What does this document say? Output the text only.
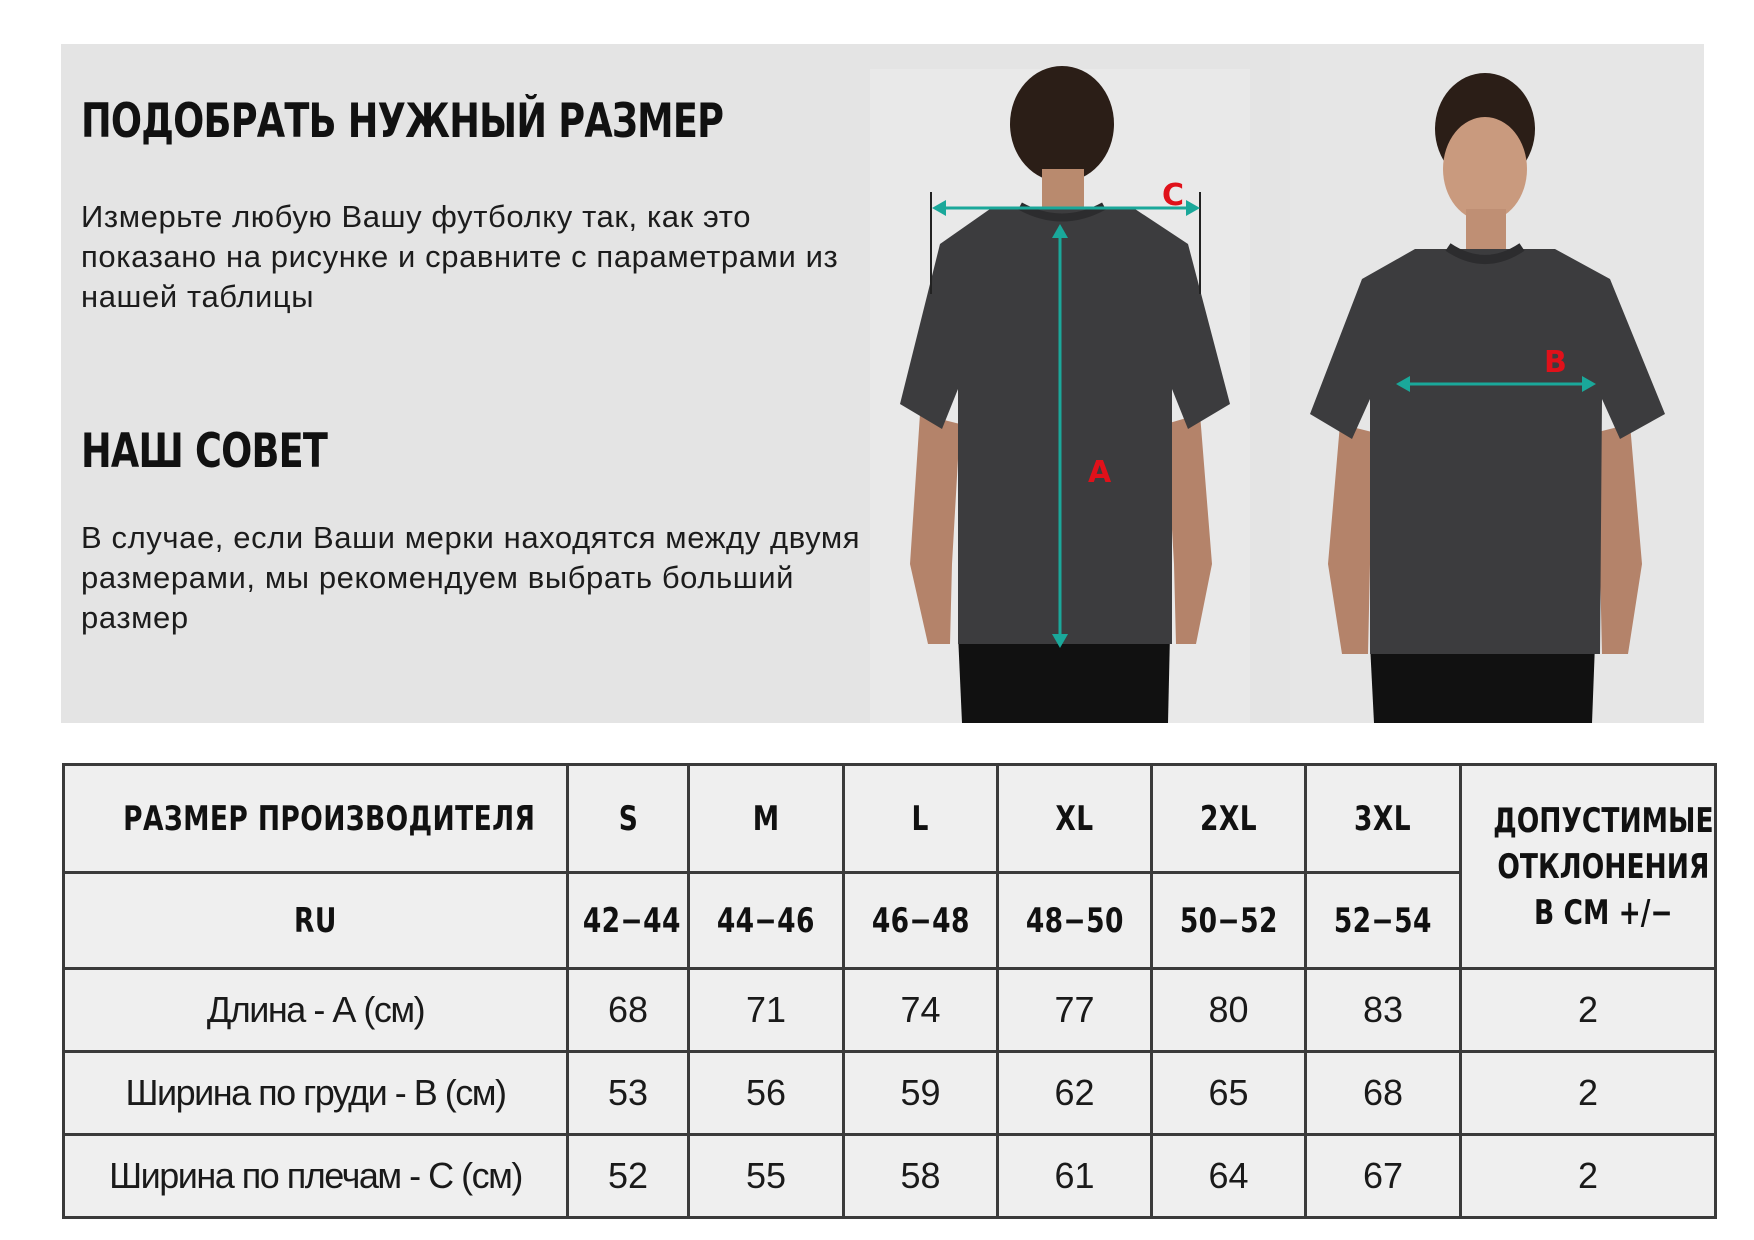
ПОДОБРАТЬ НУЖНЫЙ РАЗМЕР

Измерьте любую Вашу футболку так, как это показано на рисунке и сравните с параметрами из нашей таблицы

НАШ СОВЕТ

В случае, если Ваши мерки находятся между двумя размерами, мы рекомендуем выбрать больший размер

C
A
B
РАЗМЕР ПРОИЗВОДИТЕЛЯ	S	M	L	XL	2XL	3XL	ДОПУСТИМЫЕ
ОТКЛОНЕНИЯ
В СМ +/−
RU	42−44	44−46	46−48	48−50	50−52	52−54	
Длина - А (см)	68	71	74	77	80	83	2
Ширина по груди - В (см)	53	56	59	62	65	68	2
Ширина по плечам - С (см)	52	55	58	61	64	67	2
